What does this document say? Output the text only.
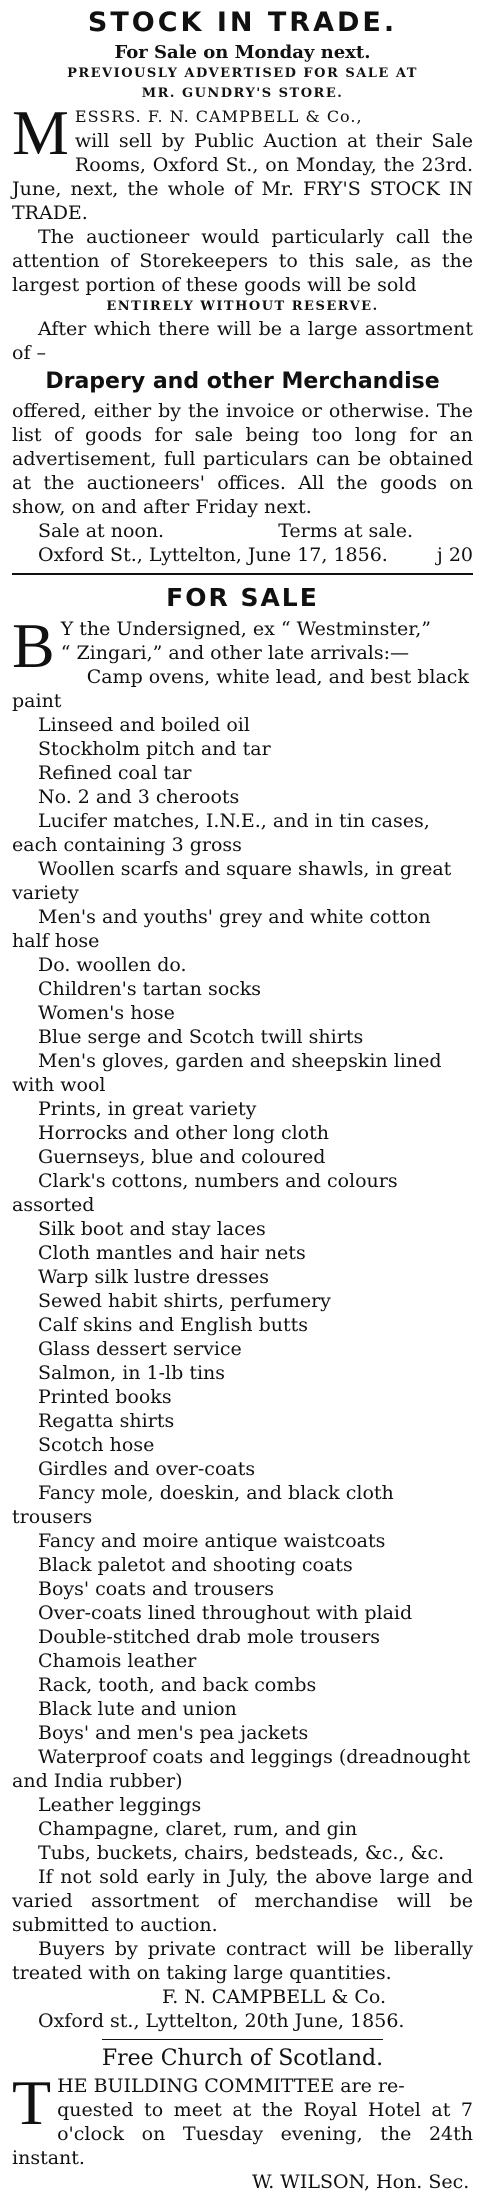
STOCK IN TRADE.
For Sale on Monday next.
PREVIOUSLY ADVERTISED FOR SALE AT
MR. GUNDRY'S STORE.
M ESSRS. F. N. CAMPBELL & Co.,
will sell by Public Auction at their Sale Rooms, Oxford St., on Monday, the 23rd. June, next, the whole of Mr. FRY'S STOCK IN TRADE.
The auctioneer would particularly call the attention of Storekeepers to this sale, as the largest portion of these goods will be sold
ENTIRELY WITHOUT RESERVE.
After which there will be a large assortment of –
Drapery and other Merchandise
offered, either by the invoice or otherwise. The list of goods for sale being too long for an advertisement, full particulars can be obtained at the auctioneers' offices. All the goods on show, on and after Friday next.
Sale at noon.	Terms at sale.
Oxford St., Lyttelton, June 17, 1856.	j 20
FOR SALE
B Y the Undersigned, ex “ Westminster,”
“ Zingari,” and other late arrivals:—
Camp ovens, white lead, and best black paint
Linseed and boiled oil
Stockholm pitch and tar
Refined coal tar
No. 2 and 3 cheroots
Lucifer matches, I.N.E., and in tin cases, each containing 3 gross
Woollen scarfs and square shawls, in great variety
Men's and youths' grey and white cotton half hose
Do. woollen do.
Children's tartan socks
Women's hose
Blue serge and Scotch twill shirts
Men's gloves, garden and sheepskin lined with wool
Prints, in great variety
Horrocks and other long cloth
Guernseys, blue and coloured
Clark's cottons, numbers and colours assorted
Silk boot and stay laces
Cloth mantles and hair nets
Warp silk lustre dresses
Sewed habit shirts, perfumery
Calf skins and English butts
Glass dessert service
Salmon, in 1-lb tins
Printed books
Regatta shirts
Scotch hose
Girdles and over-coats
Fancy mole, doeskin, and black cloth trousers
Fancy and moire antique waistcoats
Black paletot and shooting coats
Boys' coats and trousers
Over-coats lined throughout with plaid
Double-stitched drab mole trousers
Chamois leather
Rack, tooth, and back combs
Black lute and union
Boys' and men's pea jackets
Waterproof coats and leggings (dreadnought and India rubber)
Leather leggings
Champagne, claret, rum, and gin
Tubs, buckets, chairs, bedsteads, &c., &c.
If not sold early in July, the above large and varied assortment of merchandise will be submitted to auction.
Buyers by private contract will be liberally treated with on taking large quantities.
F. N. CAMPBELL & Co.
Oxford st., Lyttelton, 20th June, 1856.
Free Church of Scotland.
T HE BUILDING COMMITTEE are re-
quested to meet at the Royal Hotel at 7 o'clock on Tuesday evening, the 24th instant.
W. WILSON, Hon. Sec.
